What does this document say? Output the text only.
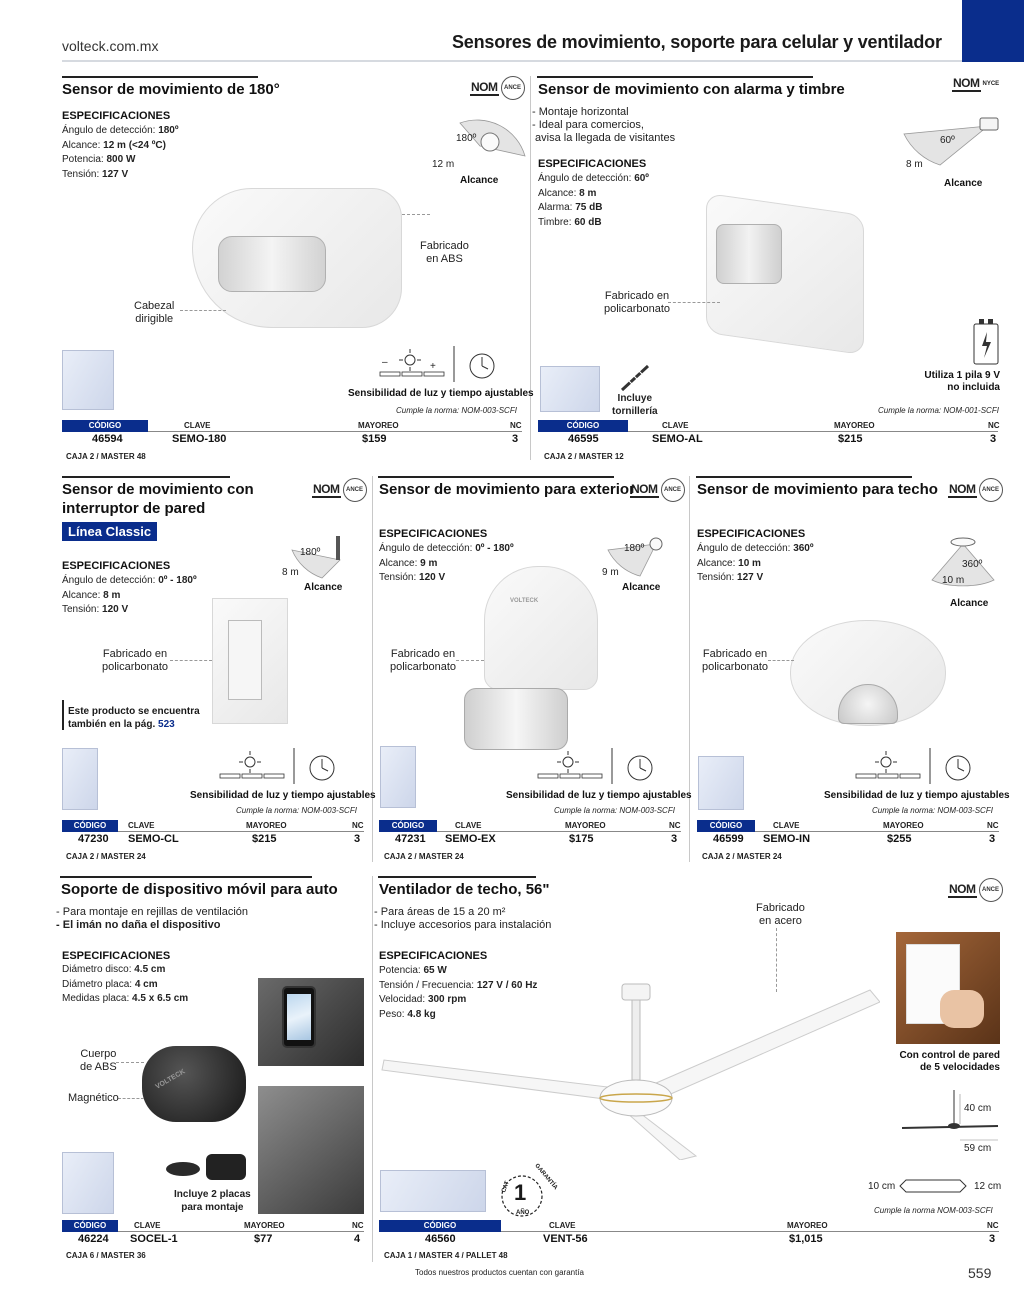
volteck.com.mx	Sensores de movimiento, soporte para celular y ventilador
Sensor de movimiento de 180°	NOM	ANCE
ESPECIFICACIONES
Ángulo de detección: 180º
Alcance: 12 m (<24 ºC)
Potencia: 800 W
Tensión: 127 V
180º
12 m
Alcance
Fabricado
en ABS
Cabezal
dirigible
–	+
Sensibilidad de luz y tiempo ajustables
Cumple la norma: NOM-003-SCFI
CÓDIGO	CLAVE	MAYOREO	NC
46594	SEMO-180	$159	3
CAJA 2 / MASTER 48
Sensor de movimiento con alarma y timbre	NOM NYCE
- Montaje horizontal
- Ideal para comercios,
avisa la llegada de visitantes
ESPECIFICACIONES
Ángulo de detección: 60º
Alcance: 8 m
Alarma: 75 dB
Timbre: 60 dB
60º
8 m
Alcance
Fabricado en
policarbonato
Incluye
tornillería
Utiliza 1 pila 9 V
no incluida
Cumple la norma: NOM-001-SCFI
CÓDIGO	CLAVE	MAYOREO	NC
46595	SEMO-AL	$215	3
CAJA 2 / MASTER 12
Sensor de movimiento con
interruptor de pared
NOM	ANCE
Línea Classic
ESPECIFICACIONES
Ángulo de detección: 0º - 180º
Alcance: 8 m
Tensión: 120 V
180º
8 m
Alcance
Fabricado en
policarbonato
Este producto se encuentra
también en la pág. 523
Sensibilidad de luz y tiempo ajustables
Cumple la norma: NOM-003-SCFI
CÓDIGO	CLAVE	MAYOREO	NC
47230 SEMO-CL	$215	3
CAJA 2 / MASTER 24
Sensor de movimiento para exterior
NOM	ANCE
ESPECIFICACIONES
Ángulo de detección: 0º - 180º
Alcance: 9 m
Tensión: 120 V
180º
9 m
Alcance
VOLTECK
Fabricado en
policarbonato
Sensibilidad de luz y tiempo ajustables
Cumple la norma: NOM-003-SCFI
CÓDIGO	CLAVE	MAYOREO	NC
47231 SEMO-EX	$175	3
CAJA 2 / MASTER 24
Sensor de movimiento para techo NOM	ANCE
ESPECIFICACIONES
Ángulo de detección: 360º
Alcance: 10 m
Tensión: 127 V
360º
10 m
Alcance
Fabricado en
policarbonato
Sensibilidad de luz y tiempo ajustables
Cumple la norma: NOM-003-SCFI
CÓDIGO	CLAVE	MAYOREO	NC
46599 SEMO-IN	$255	3
CAJA 2 / MASTER 24
Soporte de dispositivo móvil para auto
- Para montaje en rejillas de ventilación
- El imán no daña el dispositivo
ESPECIFICACIONES
Diámetro disco: 4.5 cm
Diámetro placa: 4 cm
Medidas placa: 4.5 x 6.5 cm
VOLTECK
Cuerpo
de ABS
Magnético
Incluye 2 placas
para montaje
CÓDIGO	CLAVE	MAYOREO	NC
46224 SOCEL-1	$77	4
CAJA 6 / MASTER 36
Ventilador de techo, 56"	NOM	ANCE
- Para áreas de 15 a 20 m²
- Incluye accesorios para instalación
ESPECIFICACIONES
Potencia: 65 W
Tensión / Frecuencia: 127 V / 60 Hz
Velocidad: 300 rpm
Peso: 4.8 kg
Fabricado
en acero
Con control de pared
de 5 velocidades
40 cm
59 cm
10 cm	12 cm
Cumple la norma NOM-003-SCFI
1
GARANTÍA
CAT
AÑO
CÓDIGO	CLAVE	MAYOREO	NC
46560	VENT-56	$1,015	3
CAJA 1 / MASTER 4 / PALLET 48
Todos nuestros productos cuentan con garantía	559
